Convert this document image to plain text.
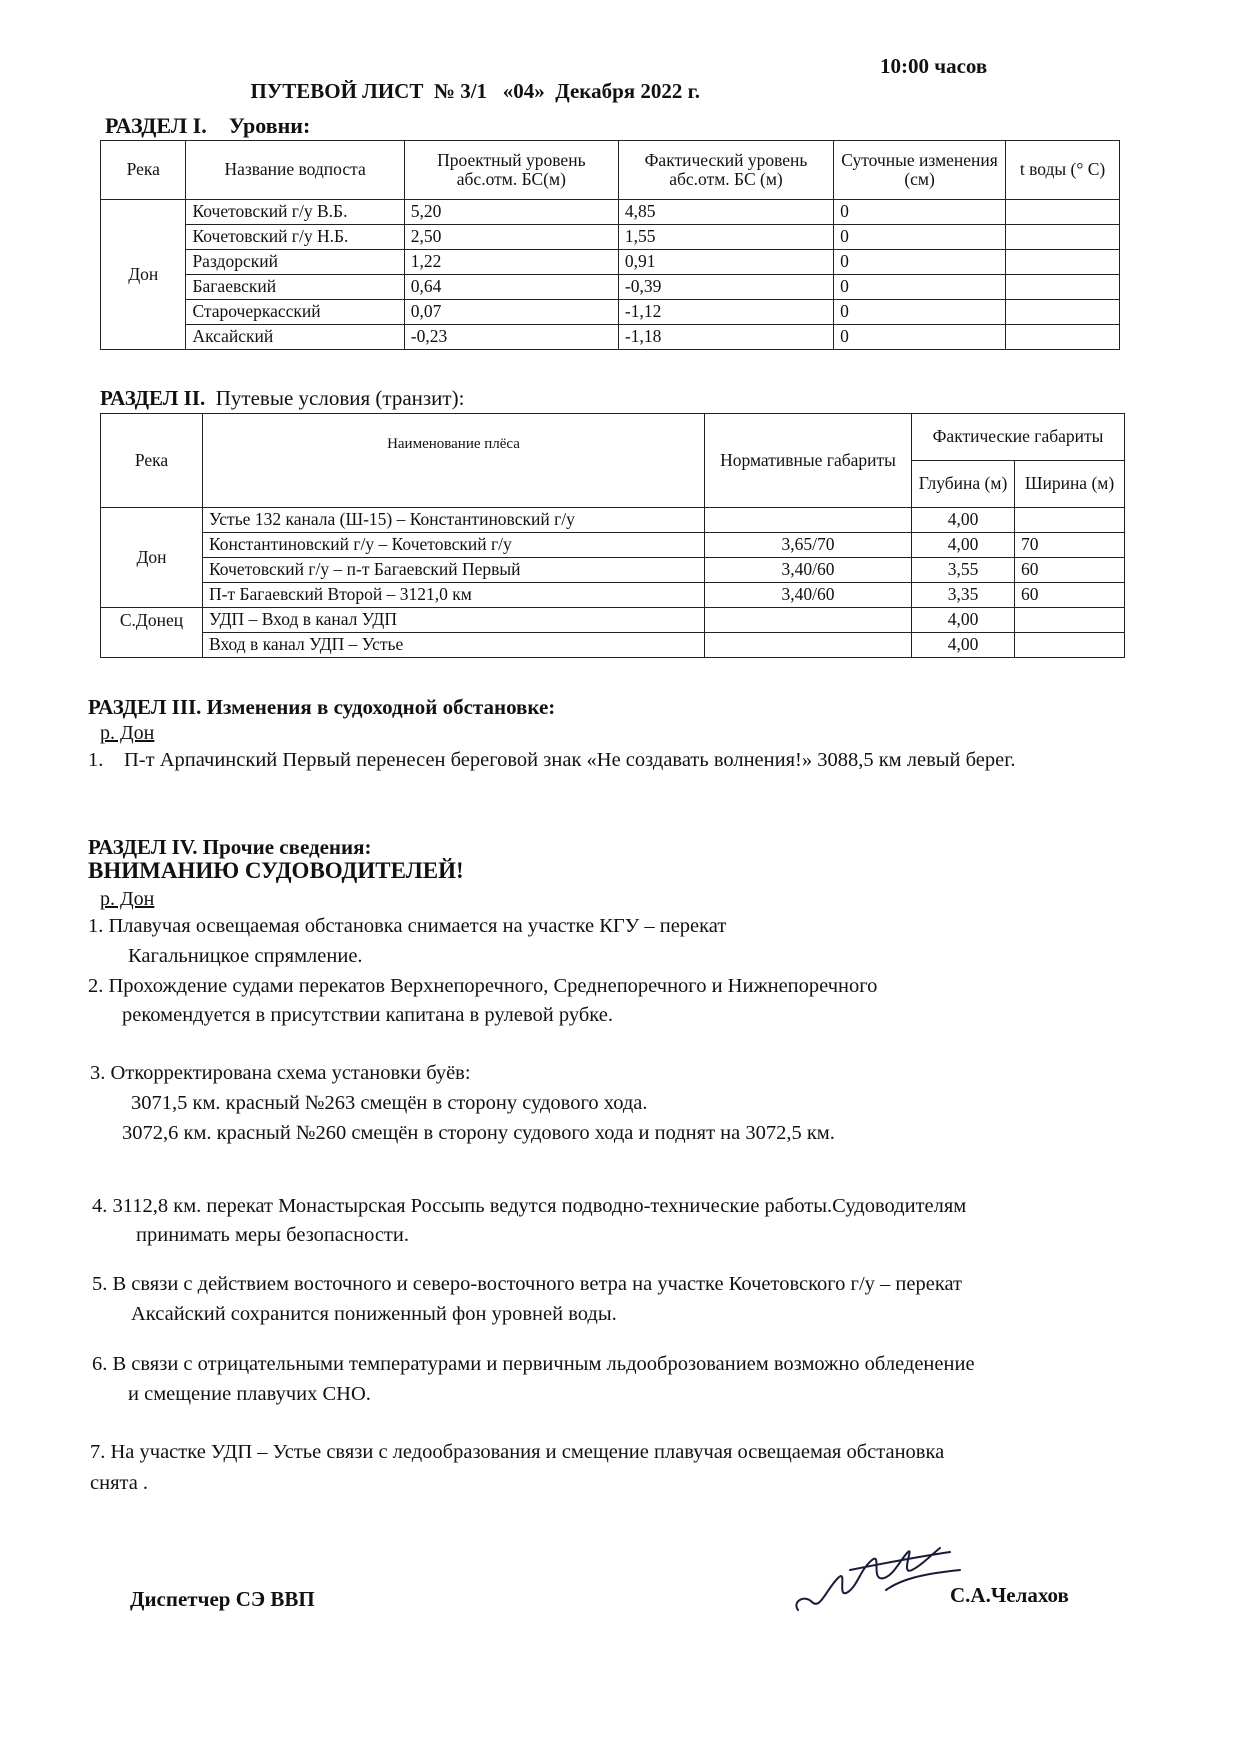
ПУТЕВОЙ ЛИСТ  № 3/1   «04»  Декабря 2022 г.

10:00 часов

РАЗДЕЛ I.    Уровни:
Река	Название водпоста	Проектный уровень абс.отм. БС(м)	Фактический уровень абс.отм. БС (м)	Суточные изменения (см)	t воды (° С)
Дон	Кочетовский г/у В.Б.	5,20	4,85	0	
	Кочетовский г/у Н.Б.	2,50	1,55	0	
	Раздорский	1,22	0,91	0	
	Багаевский	0,64	-0,39	0	
	Старочеркасский	0,07	-1,12	0	
	Аксайский	-0,23	-1,18	0	
РАЗДЕЛ II.  Путевые условия (транзит):
Река	Наименование плёса	Нормативные габариты	Фактические габариты	
			Глубина (м)	Ширина (м)
Дон	Устье 132 канала (Ш-15) – Константиновский г/у		4,00	
	Константиновский г/у – Кочетовский г/у	3,65/70	4,00	70
	Кочетовский г/у – п-т Багаевский Первый	3,40/60	3,55	60
	П-т Багаевский Второй – 3121,0 км	3,40/60	3,35	60
С.Донец	УДП – Вход в канал УДП		4,00	
	Вход в канал УДП – Устье		4,00	
РАЗДЕЛ III. Изменения в судоходной обстановке:
р. Дон
1. П-т Арпачинский Первый перенесен береговой знак «Не создавать волнения!» 3088,5 км левый берег.
РАЗДЕЛ IV. Прочие сведения:
ВНИМАНИЮ СУДОВОДИТЕЛЕЙ!
р. Дон
1. Плавучая освещаемая обстановка снимается на участке КГУ – перекат
Кагальницкое спрямление.
2. Прохождение судами перекатов Верхнепоречного, Среднепоречного и Нижнепоречного
рекомендуется в присутствии капитана в рулевой рубке.
3. Откорректирована схема установки буёв:
3071,5 км. красный №263 смещён в сторону судового хода.
3072,6 км. красный №260 смещён в сторону судового хода и поднят на 3072,5 км.
4. 3112,8 км. перекат Монастырская Россыпь ведутся подводно-технические работы.Судоводителям
принимать меры безопасности.
5. В связи с действием восточного и северо-восточного ветра на участке Кочетовского г/у – перекат
Аксайский сохранится пониженный фон уровней воды.
6. В связи с отрицательными температурами и первичным льдооброзованием возможно обледенение
и смещение плавучих СНО.
7. На участке УДП – Устье связи с ледообразования и смещение плавучая освещаемая обстановка
снята .
Диспетчер СЭ ВВП	С.А.Челахов
